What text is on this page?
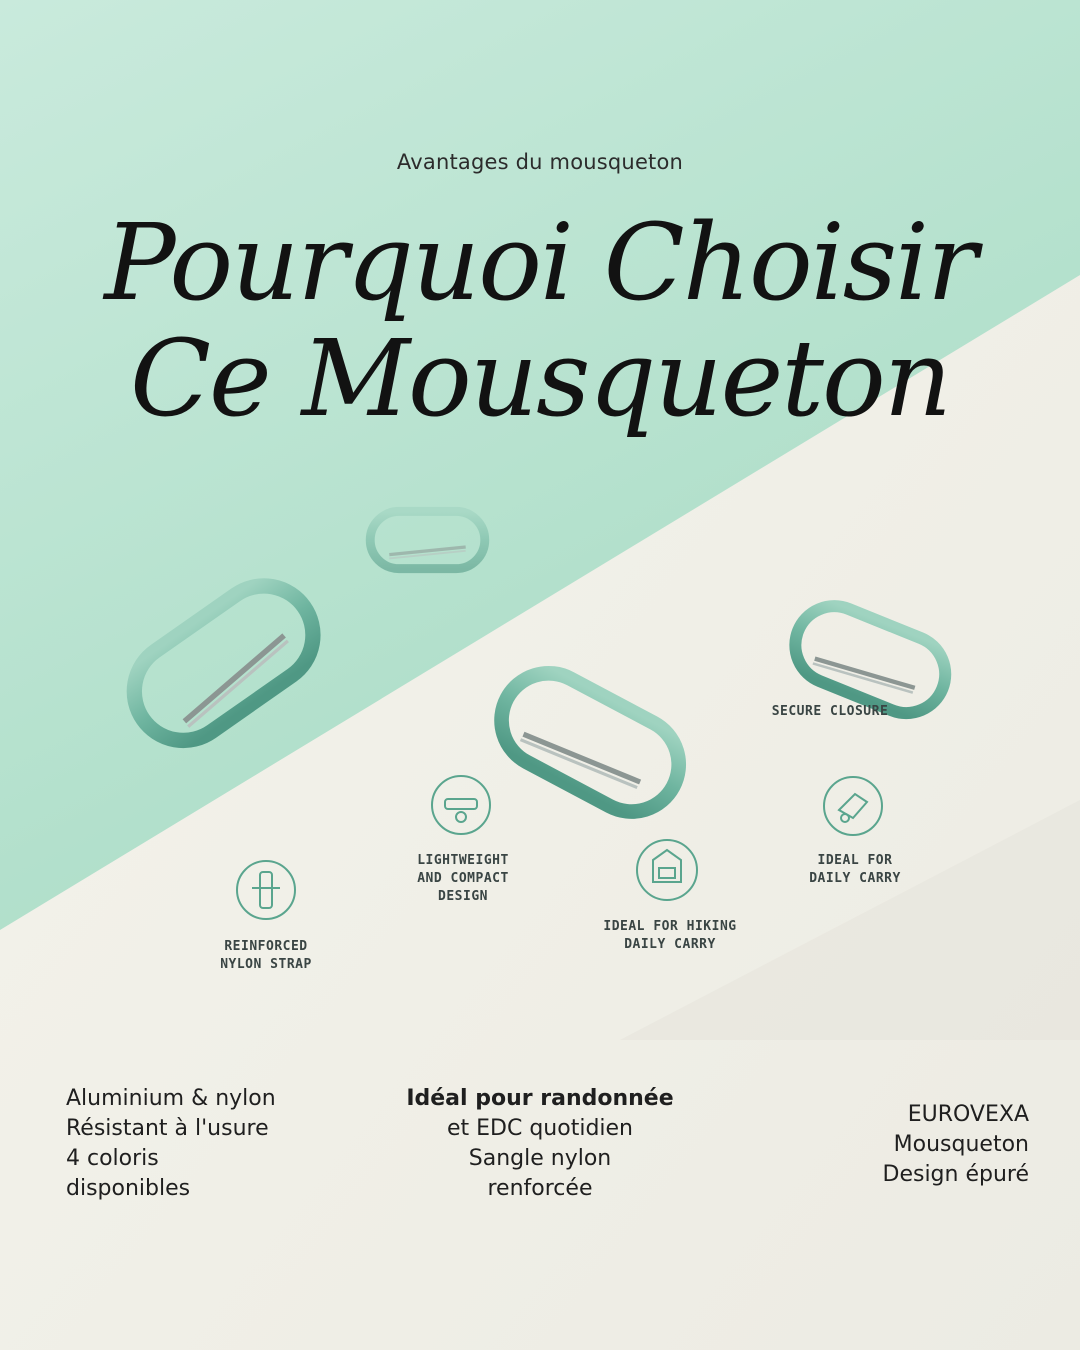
Avantages du mousqueton
Pourquoi Choisir
Ce Mousqueton
SECURE CLOSURE
LIGHTWEIGHT
AND COMPACT
DESIGN
IDEAL FOR HIKING
DAILY CARRY
IDEAL FOR
DAILY CARRY
REINFORCED
NYLON STRAP
Aluminium & nylon
Résistant à l'usure
4 coloris
disponibles
Idéal pour randonnée
et EDC quotidien
Sangle nylon
renforcée
EUROVEXA
Mousqueton
Design épuré
